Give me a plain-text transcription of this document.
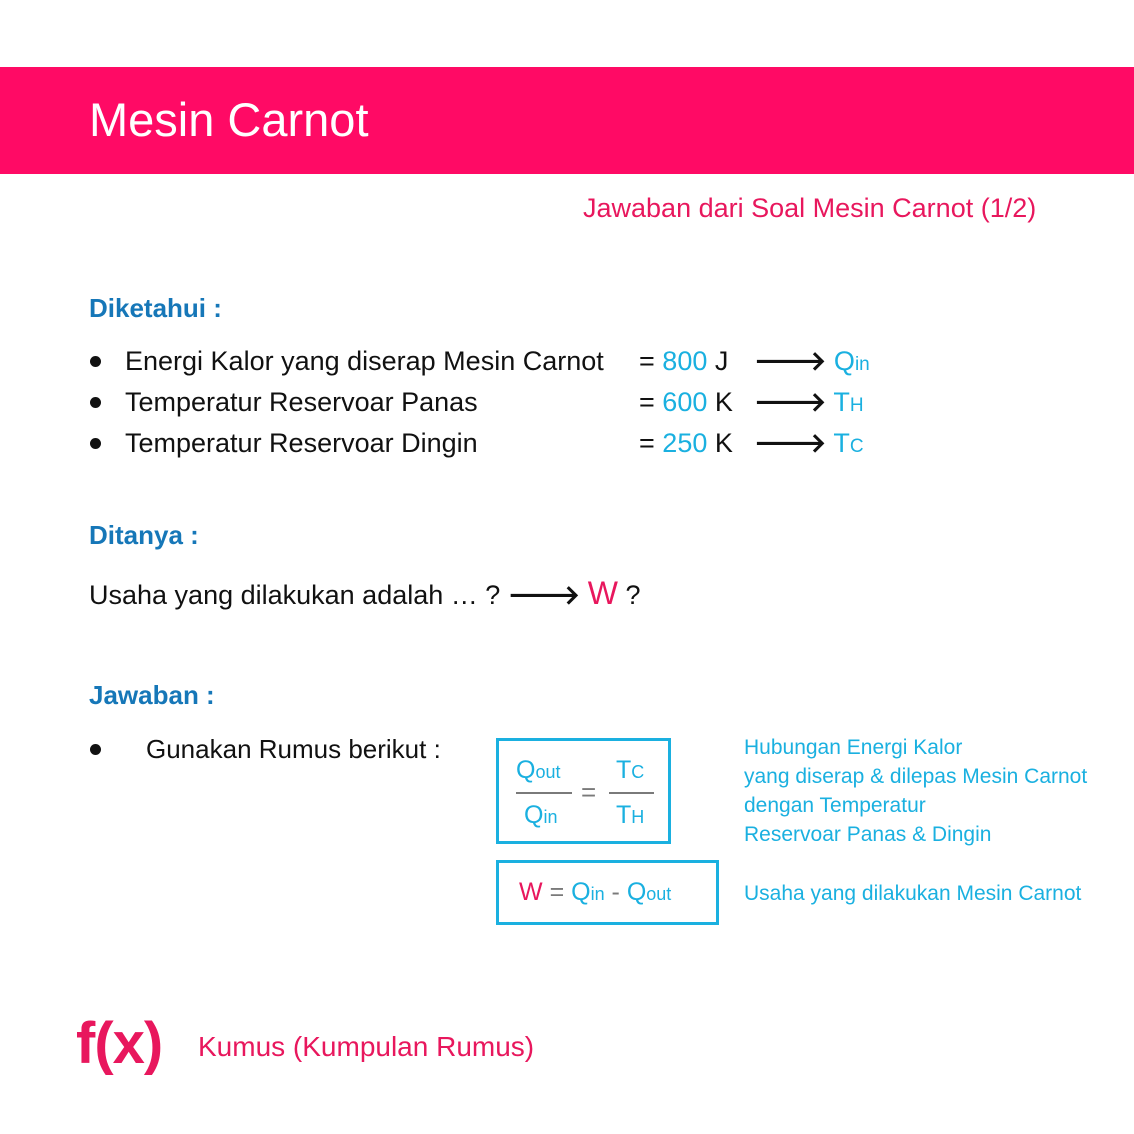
Mesin Carnot
Jawaban dari Soal Mesin Carnot (1/2)
Diketahui :
Energi Kalor yang diserap Mesin Carnot = 800 J 🡒 Qin
Temperatur Reservoar Panas	= 600 K 🡒 TH
Temperatur Reservoar Dingin	= 250 K 🡒 TC
Ditanya :
Usaha yang dilakukan adalah … ? 🡒 W ?
Jawaban :
Gunakan Rumus berikut :
Qout
Qin
=
TC
TH
W = Qin - Qout
Hubungan Energi Kalor
yang diserap & dilepas Mesin Carnot
dengan Temperatur
Reservoar Panas & Dingin
Usaha yang dilakukan Mesin Carnot
f(x) Kumus (Kumpulan Rumus)
